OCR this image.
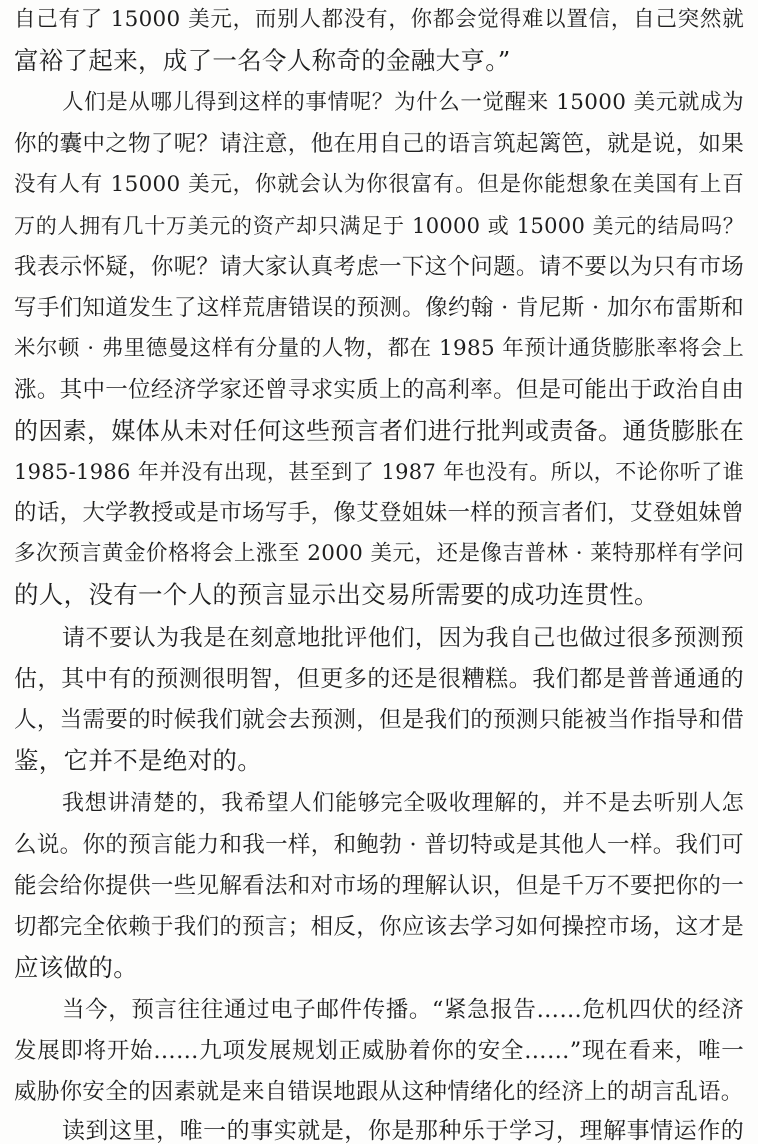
自己有了 15000 美元，而别人都没有，你都会觉得难以置信，自己突然就
富裕了起来，成了一名令人称奇的金融大亨。”
人们是从哪儿得到这样的事情呢？为什么一觉醒来 15000 美元就成为
你的囊中之物了呢？请注意，他在用自己的语言筑起篱笆，就是说，如果
没有人有 15000 美元，你就会认为你很富有。但是你能想象在美国有上百
万的人拥有几十万美元的资产却只满足于 10000 或 15000 美元的结局吗？
我表示怀疑，你呢？请大家认真考虑一下这个问题。请不要以为只有市场
写手们知道发生了这样荒唐错误的预测。像约翰 · 肯尼斯 · 加尔布雷斯和
米尔顿 · 弗里德曼这样有分量的人物，都在 1985 年预计通货膨胀率将会上
涨。其中一位经济学家还曾寻求实质上的高利率。但是可能出于政治自由
的因素，媒体从未对任何这些预言者们进行批判或责备。通货膨胀在
1985-1986 年并没有出现，甚至到了 1987 年也没有。所以，不论你听了谁
的话，大学教授或是市场写手，像艾登姐妹一样的预言者们，艾登姐妹曾
多次预言黄金价格将会上涨至 2000 美元，还是像吉普林 · 莱特那样有学问
的人，没有一个人的预言显示出交易所需要的成功连贯性。
请不要认为我是在刻意地批评他们，因为我自己也做过很多预测预
估，其中有的预测很明智，但更多的还是很糟糕。我们都是普普通通的
人，当需要的时候我们就会去预测，但是我们的预测只能被当作指导和借
鉴，它并不是绝对的。
我想讲清楚的，我希望人们能够完全吸收理解的，并不是去听别人怎
么说。你的预言能力和我一样，和鲍勃 · 普切特或是其他人一样。我们可
能会给你提供一些见解看法和对市场的理解认识，但是千万不要把你的一
切都完全依赖于我们的预言；相反，你应该去学习如何操控市场，这才是
应该做的。
当今，预言往往通过电子邮件传播。“紧急报告……危机四伏的经济
发展即将开始……九项发展规划正威胁着你的安全……”现在看来，唯一
威胁你安全的因素就是来自错误地跟从这种情绪化的经济上的胡言乱语。
读到这里，唯一的事实就是，你是那种乐于学习，理解事情运作的
